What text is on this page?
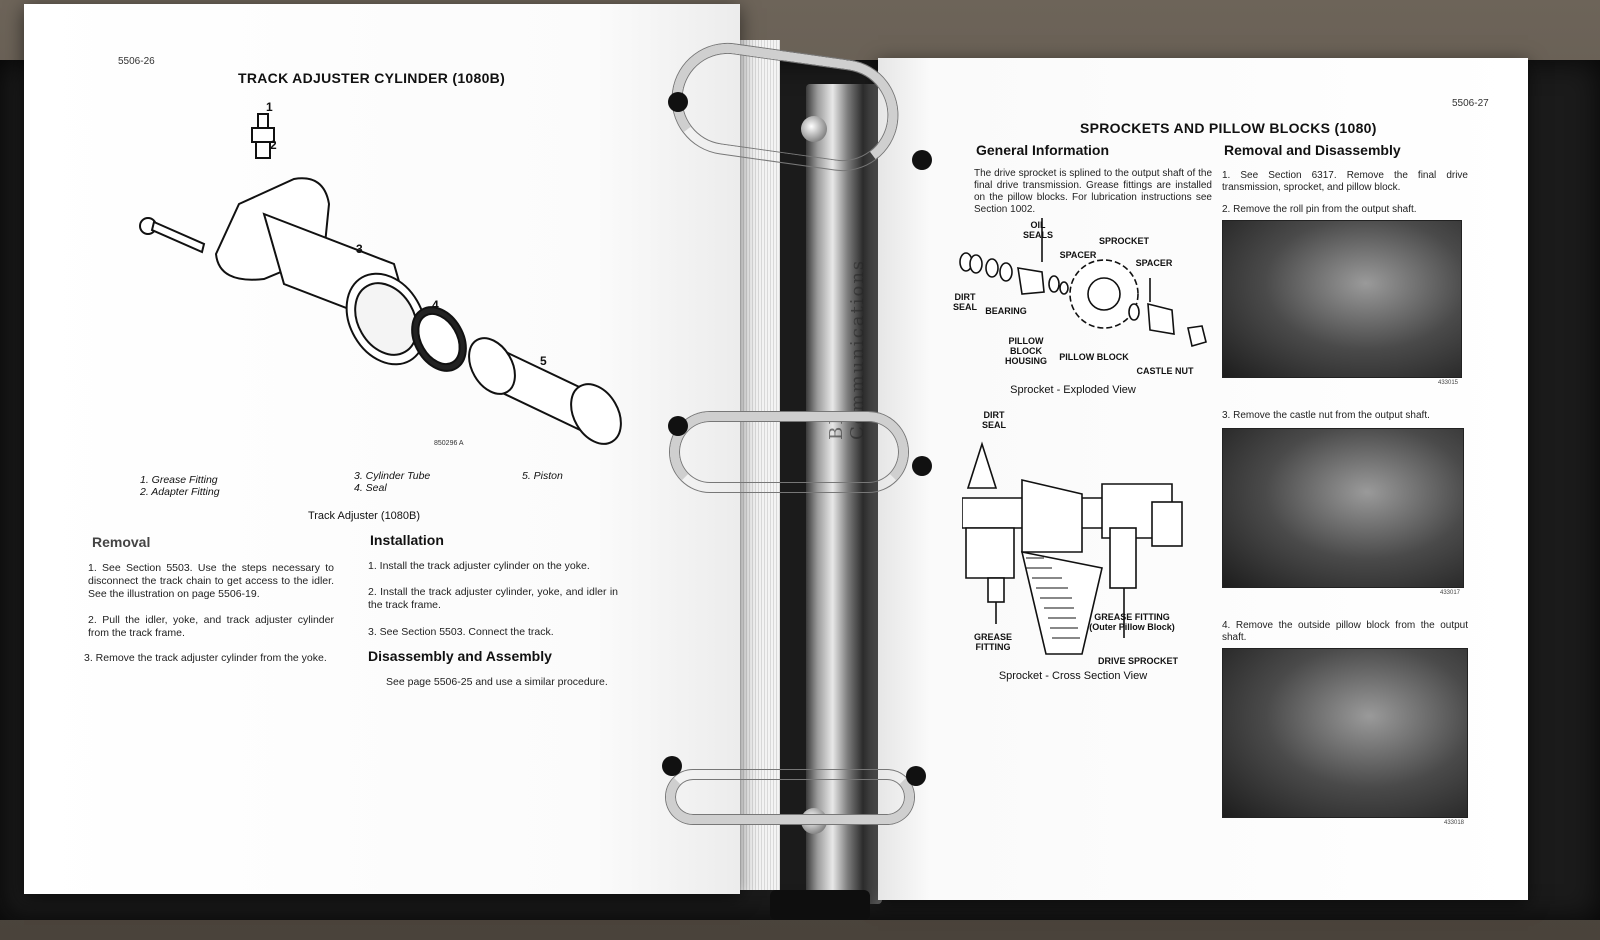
5506-26
TRACK ADJUSTER CYLINDER (1080B)
1
2
3
4
5
850296 A
1. Grease Fitting
2. Adapter Fitting
3. Cylinder Tube
4. Seal
5. Piston
Track Adjuster (1080B)
Removal
1. See Section 5503. Use the steps necessary to disconnect the track chain to get access to the idler. See the illustration on page 5506-19.
2. Pull the idler, yoke, and track adjuster cylinder from the track frame.
3. Remove the track adjuster cylinder from the yoke.
Installation
1. Install the track adjuster cylinder on the yoke.
2. Install the track adjuster cylinder, yoke, and idler in the track frame.
3. See Section 5503. Connect the track.
Disassembly and Assembly
See page 5506-25 and use a similar procedure.
BE Communications
5506-27
SPROCKETS AND PILLOW BLOCKS (1080)
General Information
The drive sprocket is splined to the output shaft of the final drive transmission. Grease fittings are installed on the pillow blocks. For lubrication instructions see Section 1002.
OIL SEALS
SPACER
SPROCKET
SPACER
DIRT SEAL BEARING
PILLOW BLOCK HOUSING PILLOW BLOCK
CASTLE NUT
Sprocket - Exploded View
DIRT SEAL
GREASE FITTING (Outer Pillow Block)
GREASE FITTING
DRIVE SPROCKET
Sprocket - Cross Section View
Removal and Disassembly
1. See Section 6317. Remove the final drive transmission, sprocket, and pillow block.
2. Remove the roll pin from the output shaft.
433015
3. Remove the castle nut from the output shaft.
433017
4. Remove the outside pillow block from the output shaft.
433018
